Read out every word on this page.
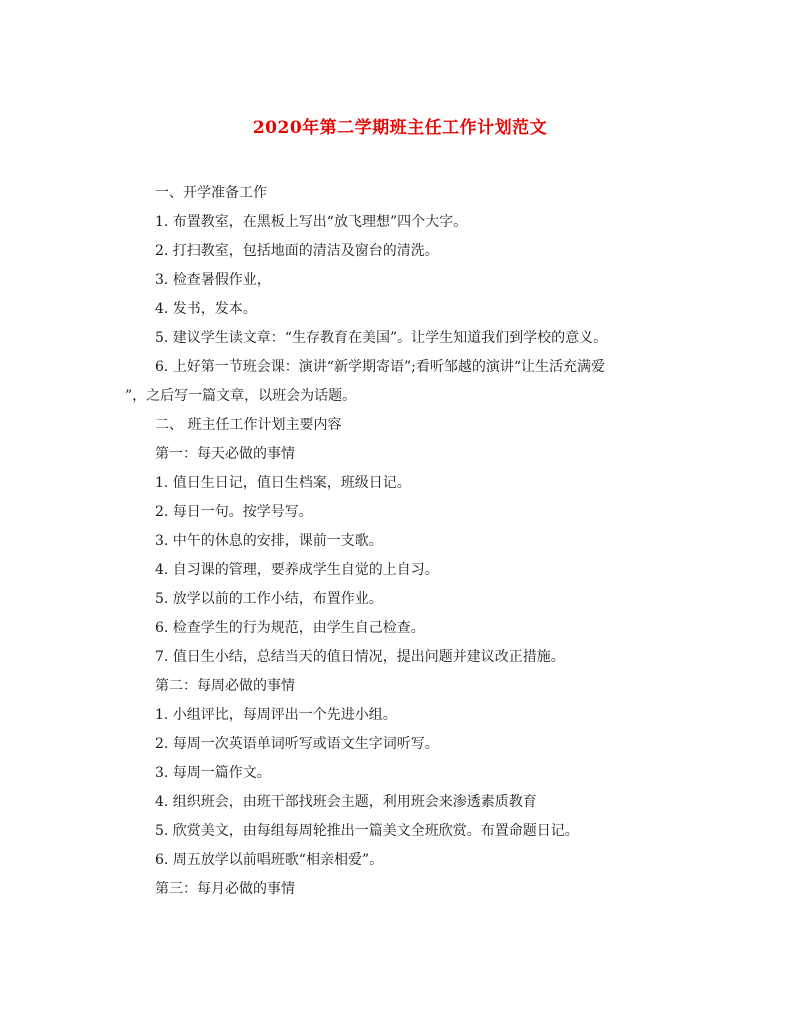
2020年第二学期班主任工作计划范文

一、开学准备工作

1. 布置教室，在黑板上写出“放飞理想”四个大字。

2. 打扫教室，包括地面的清洁及窗台的清洗。

3. 检查暑假作业，

4. 发书，发本。

5. 建议学生读文章：“生存教育在美国”。让学生知道我们到学校的意义。

6. 上好第一节班会课：演讲“新学期寄语”;看听邹越的演讲“让生活充满爱

”，之后写一篇文章，以班会为话题。

二、 班主任工作计划主要内容

第一：每天必做的事情

1. 值日生日记，值日生档案，班级日记。

2. 每日一句。按学号写。

3. 中午的休息的安排，课前一支歌。

4. 自习课的管理，要养成学生自觉的上自习。

5. 放学以前的工作小结，布置作业。

6. 检查学生的行为规范，由学生自己检查。

7. 值日生小结，总结当天的值日情况，提出问题并建议改正措施。

第二：每周必做的事情

1. 小组评比，每周评出一个先进小组。

2. 每周一次英语单词听写或语文生字词听写。

3. 每周一篇作文。

4. 组织班会，由班干部找班会主题，利用班会来渗透素质教育

5. 欣赏美文，由每组每周轮推出一篇美文全班欣赏。布置命题日记。

6. 周五放学以前唱班歌“相亲相爱”。

第三：每月必做的事情
